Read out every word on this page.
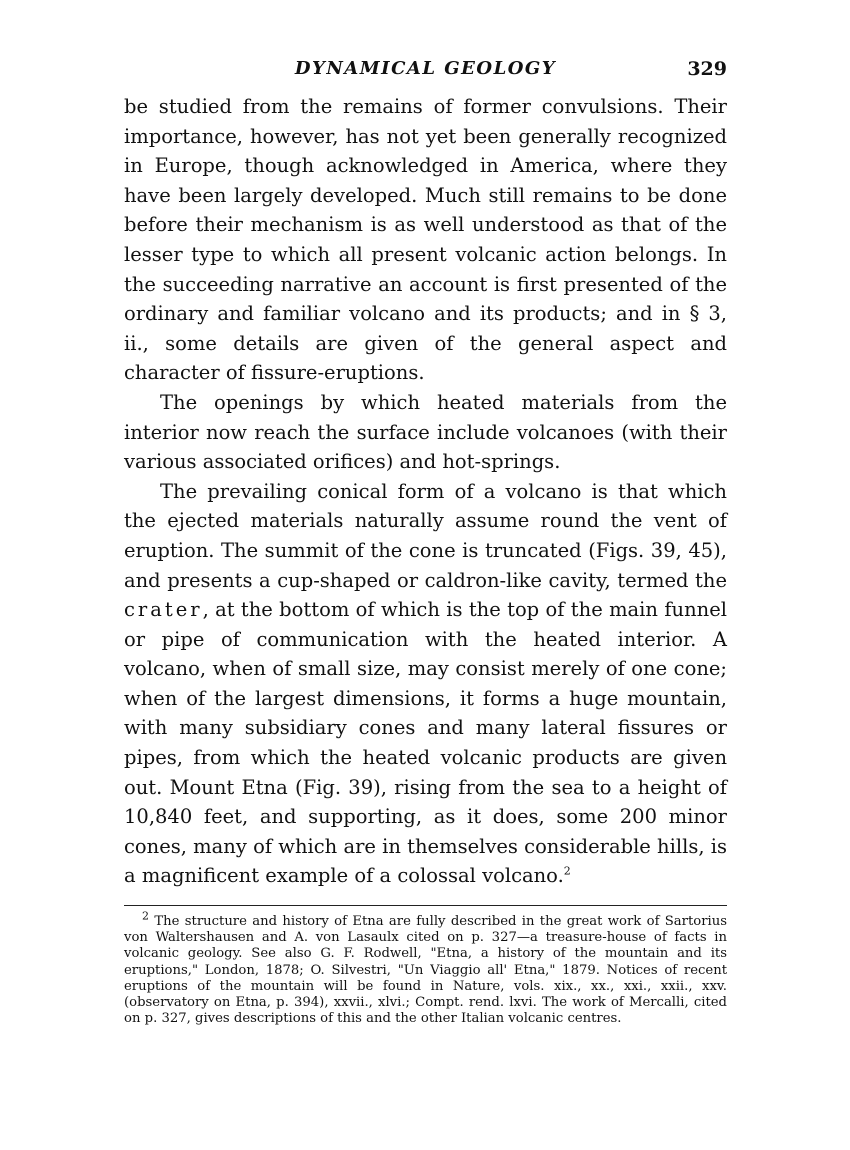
DYNAMICAL GEOLOGY	329

be studied from the remains of former convulsions. Their importance, however, has not yet been generally recognized in Europe, though acknowledged in America, where they have been largely developed. Much still remains to be done before their mechanism is as well understood as that of the lesser type to which all present volcanic action belongs. In the succeeding narrative an account is first presented of the ordinary and familiar volcano and its products; and in § 3, ii., some details are given of the general aspect and character of fissure-eruptions.

The openings by which heated materials from the interior now reach the surface include volcanoes (with their various associated orifices) and hot-springs.

The prevailing conical form of a volcano is that which the ejected materials naturally assume round the vent of eruption. The summit of the cone is truncated (Figs. 39, 45), and presents a cup-shaped or caldron-like cavity, termed the crater, at the bottom of which is the top of the main funnel or pipe of communication with the heated interior. A volcano, when of small size, may consist merely of one cone; when of the largest dimensions, it forms a huge mountain, with many subsidiary cones and many lateral fissures or pipes, from which the heated volcanic products are given out. Mount Etna (Fig. 39), rising from the sea to a height of 10,840 feet, and supporting, as it does, some 200 minor cones, many of which are in themselves considerable hills, is a magnificent example of a colossal volcano.$^2$

$^2$ The structure and history of Etna are fully described in the great work of Sartorius von Waltershausen and A. von Lasaulx cited on p. 327—a treasure-house of facts in volcanic geology. See also G. F. Rodwell, "Etna, a history of the mountain and its eruptions," London, 1878; O. Silvestri, "Un Viaggio all' Etna," 1879. Notices of recent eruptions of the mountain will be found in Nature, vols. xix., xx., xxi., xxii., xxv. (observatory on Etna, p. 394), xxvii., xlvi.; Compt. rend. lxvi. The work of Mercalli, cited on p. 327, gives descriptions of this and the other Italian volcanic centres.
